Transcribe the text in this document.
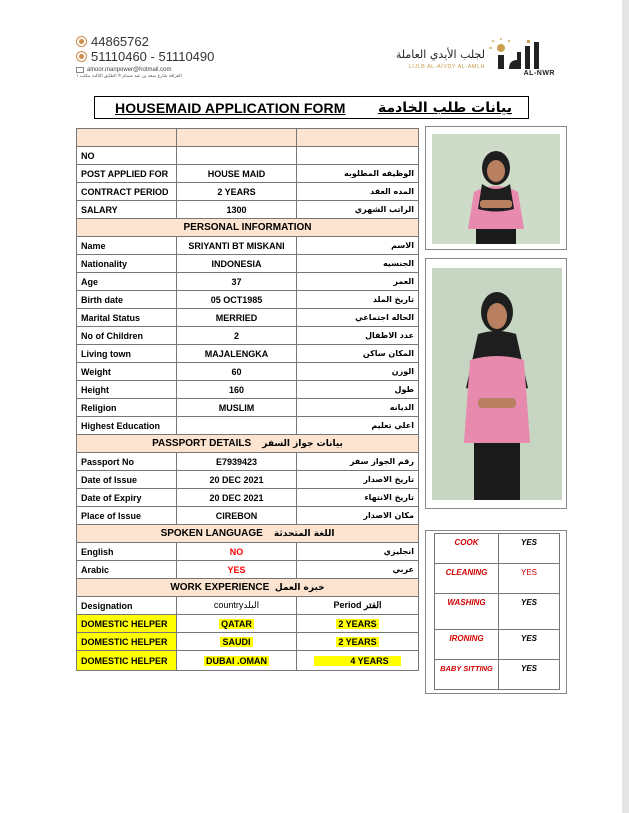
44865762
51110460 - 51110490
alnoor.manpower@hotmail.com
الغرافة شارع سعد بن عبد صمام ® الطابق الثالث مكتب ١
لجلب الأيدي العاملة
LIJLB AL-AIYDY AL-AMLH
AL-NWR
HOUSEMAID APPLICATION FORM بيانات طلب الخادمة

NO		
POST APPLIED FOR	HOUSE MAID	الوظيفه المطلوبه
CONTRACT PERIOD	2 YEARS	المده العقد
SALARY	1300	الراتب الشهري
PERSONAL INFORMATION		
Name	SRIYANTI BT MISKANI	الاسم
Nationality	INDONESIA	الجنسيه
Age	37	العمر
Birth date	05 OCT1985	تاريخ الملد
Marital Status	MERRIED	الحاله اجتماعي
No of Children	2	عدد الاطفال
Living town	MAJALENGKA	المكان ساكن
Weight	60	الوزن
Height	160	طول
Religion	MUSLIM	الديانه
Highest Education		اعلي تعليم
PASSPORT DETAILS بيانات جواز السفر		
Passport No	E7939423	رقم الجواز سفر
Date of Issue	20 DEC 2021	تاريخ الاصدار
Date of Expiry	20 DEC 2021	تاريخ الانتهاء
Place of Issue	CIREBON	مكان الاصدار
SPOKEN LANGUAGE اللغة المتحدثة		
English	NO	انجليزي
Arabic	YES	عربي
WORK EXPERIENCE خبره العمل		
Designation	countryالبلد	Period الفتر
DOMESTIC HELPER	QATAR	2 YEARS
DOMESTIC HELPER	SAUDI	2 YEARS
DOMESTIC HELPER	DUBAI .OMAN	4 YEARS
COOK	YES
CLEANING	YES
WASHING	YES
IRONING	YES
BABY SITTING	YES
